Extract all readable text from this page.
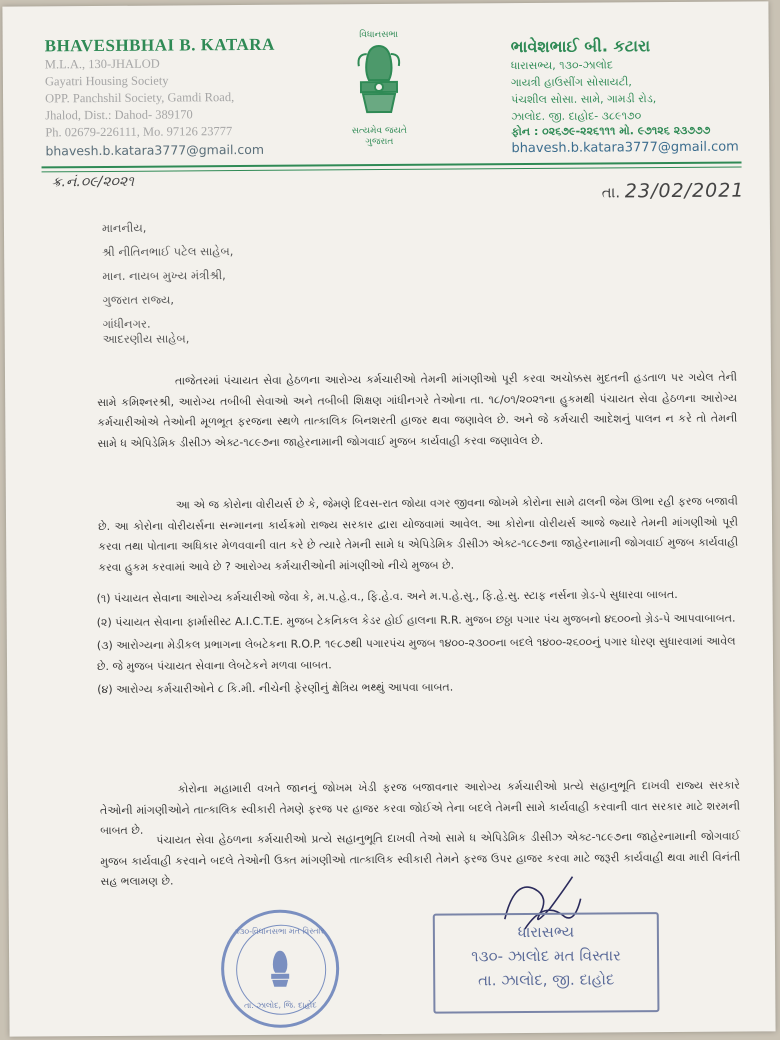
BHAVESHBHAI B. KATARA
M.L.A., 130-JHALOD
Gayatri Housing Society
OPP. Panchshil Society, Gamdi Road,
Jhalod, Dist.: Dahod- 389170
Ph. 02679-226111, Mo. 97126 23777
bhavesh.b.katara3777@gmail.com
વિધાનસભા
સત્યમેવ જયતે
ગુજરાત
ભાવેશભાઈ બી. કટારા
ધારાસભ્ય, ૧૩૦-ઝાલોદ
ગાયત્રી હાઉસીંગ સોસાયટી,
પંચશીલ સોસા. સામે, ગામડી રોડ,
ઝાલોદ. જી. દાહોદ- ૩૮૯૧૭૦
ફોન : ૦૨૬૭૯-૨૨૬૧૧૧ મો. ૯૭૧૨૬ ૨૩૭૭૭
bhavesh.b.katara3777@gmail.com
ક્ર.નં.૦૯/૨૦૨૧
તા. 23/02/2021
માનનીય,
શ્રી નીતિનભાઈ પટેલ સાહેબ,
માન. નાયબ મુખ્ય મંત્રીશ્રી,
ગુજરાત રાજ્ય,
ગાંધીનગર.
આદરણીય સાહેબ,
તાજેતરમાં પંચાયત સેવા હેઠળના આરોગ્ય કર્મચારીઓ તેમની માંગણીઓ પૂરી કરવા અચોક્કસ મુદતની હડતાળ પર ગયેલ તેની સામે કમિશ્નરશ્રી, આરોગ્ય તબીબી સેવાઓ અને તબીબી શિક્ષણ ગાંધીનગરે તેઓના તા. ૧૮/૦૧/૨૦૨૧ના હુકમથી પંચાયત સેવા હેઠળના આરોગ્ય કર્મચારીઓએ તેઓની મૂળભૂત ફરજના સ્થળે તાત્કાલિક બિનશરતી હાજર થવા જણાવેલ છે. અને જે કર્મચારી આદેશનું પાલન ન કરે તો તેમની સામે ધ એપિડેમિક ડીસીઝ એક્ટ-૧૮૯૭ના જાહેરનામાની જોગવાઈ મુજબ કાર્યવાહી કરવા જણાવેલ છે.
આ એ જ કોરોના વોરીયર્સ છે કે, જેમણે દિવસ-રાત જોયા વગર જીવના જોખમે કોરોના સામે ઢાલની જેમ ઊભા રહી ફરજ બજાવી છે. આ કોરોના વોરીયર્સના સન્માનના કાર્યક્રમો રાજ્ય સરકાર દ્વારા યોજવામાં આવેલ. આ કોરોના વોરીયર્સ આજે જ્યારે તેમની માંગણીઓ પૂરી કરવા તથા પોતાના અધિકાર મેળવવાની વાત કરે છે ત્યારે તેમની સામે ધ એપિડેમિક ડીસીઝ એક્ટ-૧૮૯૭ના જાહેરનામાની જોગવાઈ મુજબ કાર્યવાહી કરવા હુકમ કરવામાં આવે છે ? આરોગ્ય કર્મચારીઓની માંગણીઓ નીચે મુજબ છે.
(૧) પંચાયત સેવાના આરોગ્ય કર્મચારીઓ જેવા કે, મ.પ.હે.વ., ફિ.હે.વ. અને મ.પ.હે.સુ., ફિ.હે.સુ. સ્ટાફ નર્સના ગ્રેડ-પે સુધારવા બાબત.
(૨) પંચાયત સેવાના ફાર્માસીસ્ટ A.I.C.T.E. મુજબ ટેકનિકલ કેડર હોઈ હાલના R.R. મુજબ છઠ્ઠા પગાર પંચ મુજબનો ૪૬૦૦નો ગ્રેડ-પે આપવાબાબત.
(૩) આરોગ્યના મેડીકલ પ્રભાગના લેબટેકના R.O.P. ૧૯૮૭થી પગારપંચ મુજબ ૧૪૦૦-૨૩૦૦ના બદલે ૧૪૦૦-૨૬૦૦નું પગાર ધોરણ સુધારવામાં આવેલ છે. જે મુજબ પંચાયત સેવાના લેબટેકને મળવા બાબત.
(૪) આરોગ્ય કર્મચારીઓને ૮ કિ.મી. નીચેની ફેરણીનું ક્ષેત્રિય ભથ્થું આપવા બાબત.
કોરોના મહામારી વખતે જાનનું જોખમ ખેડી ફરજ બજાવનાર આરોગ્ય કર્મચારીઓ પ્રત્યે સહાનુભૂતિ દાખવી રાજ્ય સરકારે તેઓની માંગણીઓને તાત્કાલિક સ્વીકારી તેમણે ફરજ પર હાજર કરવા જોઈએ તેના બદલે તેમની સામે કાર્યવાહી કરવાની વાત સરકાર માટે શરમની બાબત છે.	પંચાયત સેવા હેઠળના કર્મચારીઓ પ્રત્યે સહાનુભૂતિ દાખવી તેઓ સામે ધ એપિડેમિક ડીસીઝ એક્ટ-૧૮૯૭ના જાહેરનામાની જોગવાઈ મુજબ કાર્યવાહી કરવાને બદલે તેઓની ઉક્ત માંગણીઓ તાત્કાલિક સ્વીકારી તેમને ફરજ ઉપર હાજર કરવા માટે જરૂરી કાર્યવાહી થવા મારી વિનંતી સહ ભલામણ છે.
૧૩૦-વિધાનસભા મત વિસ્તાર
તા. ઝાલોદ, જિ. દાહોદ
ધારાસભ્ય
૧૩૦- ઝાલોદ મત વિસ્તાર
તા. ઝાલોદ, જી. દાહોદ
